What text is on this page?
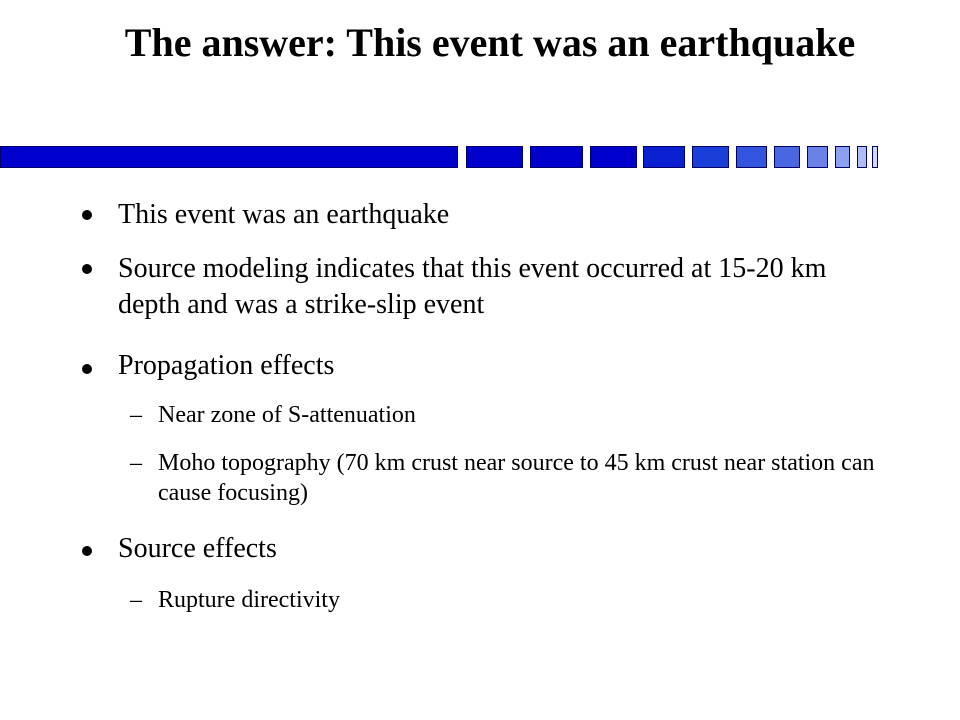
The answer: This event was an earthquake
This event was an earthquake
Source modeling indicates that this event occurred at 15-20 km depth and was a strike-slip event
Propagation effects
– Near zone of S-attenuation
– Moho topography (70 km crust near source to 45 km crust near station can cause focusing)
Source effects
– Rupture directivity
